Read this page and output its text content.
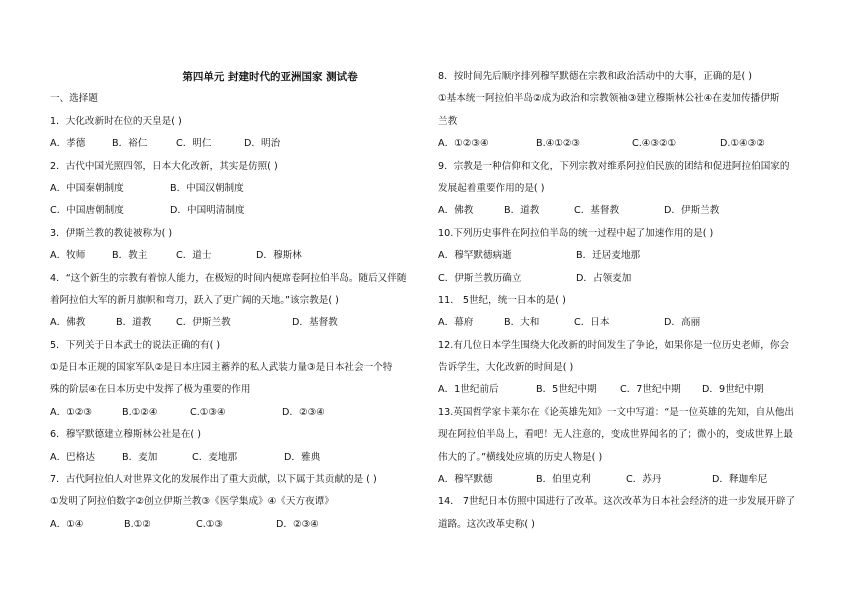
第四单元 封建时代的亚洲国家 测试卷
一、选择题
1．大化改新时在位的天皇是( )
A．孝德	B．裕仁	C．明仁	D．明治
2．古代中国光照四邻，日本大化改新，其实是仿照( )
A．中国秦朝制度	B．中国汉朝制度
C．中国唐朝制度	D．中国明清制度
3．伊斯兰教的教徒被称为( )
A．牧师	B．教主	C．道士	D．穆斯林
4．“这个新生的宗教有着惊人能力，在极短的时间内便席卷阿拉伯半岛。随后又伴随
着阿拉伯大军的新月旗帜和弯刀，跃入了更广阔的天地。”该宗教是( )
A．佛教	B．道教	C．伊斯兰教	D．基督教
5．下列关于日本武士的说法正确的有( )
①是日本正规的国家军队②是日本庄园主蓄养的私人武装力量③是日本社会一个特
殊的阶层④在日本历史中发挥了极为重要的作用
A．①②③	B.①②④	C.①③④	D．②③④
6．穆罕默德建立穆斯林公社是在( )
A．巴格达	B．麦加	C．麦地那	D．雅典
7．古代阿拉伯人对世界文化的发展作出了重大贡献，以下属于其贡献的是 ( )
①发明了阿拉伯数字②创立伊斯兰教③《医学集成》④《天方夜谭》
A．①④	B.①②	C.①③	D．②③④
8．按时间先后顺序排列穆罕默德在宗教和政治活动中的大事，正确的是( )
①基本统一阿拉伯半岛②成为政治和宗教领袖③建立穆斯林公社④在麦加传播伊斯
兰教
A．①②③④	B.④①②③	C.④③②①	D.①④③②
9．宗教是一种信仰和文化，下列宗教对维系阿拉伯民族的团结和促进阿拉伯国家的
发展起着重要作用的是( )
A．佛教	B．道教	C．基督教	D．伊斯兰教
10.下列历史事件在阿拉伯半岛的统一过程中起了加速作用的是( )
A．穆罕默德病逝	B．迁居麦地那
C．伊斯兰教历确立	D．占领麦加
11． 5世纪，统一日本的是( )
A．幕府	B．大和	C．日本	D．高丽
12.有几位日本学生围绕大化改新的时间发生了争论，如果你是一位历史老师，你会
告诉学生，大化改新的时间是( )
A．1世纪前后	B．5世纪中期	C．7世纪中期	D．9世纪中期
13.英国哲学家卡莱尔在《论英雄先知》一文中写道：“是一位英雄的先知，自从他出
现在阿拉伯半岛上，看吧！无人注意的，变成世界闻名的了；微小的，变成世界上最
伟大的了。”横线处应填的历史人物是( )
A．穆罕默德	B．伯里克利	C．苏丹	D．释迦牟尼
14． 7世纪日本仿照中国进行了改革。这次改革为日本社会经济的进一步发展开辟了
道路。这次改革史称( )
